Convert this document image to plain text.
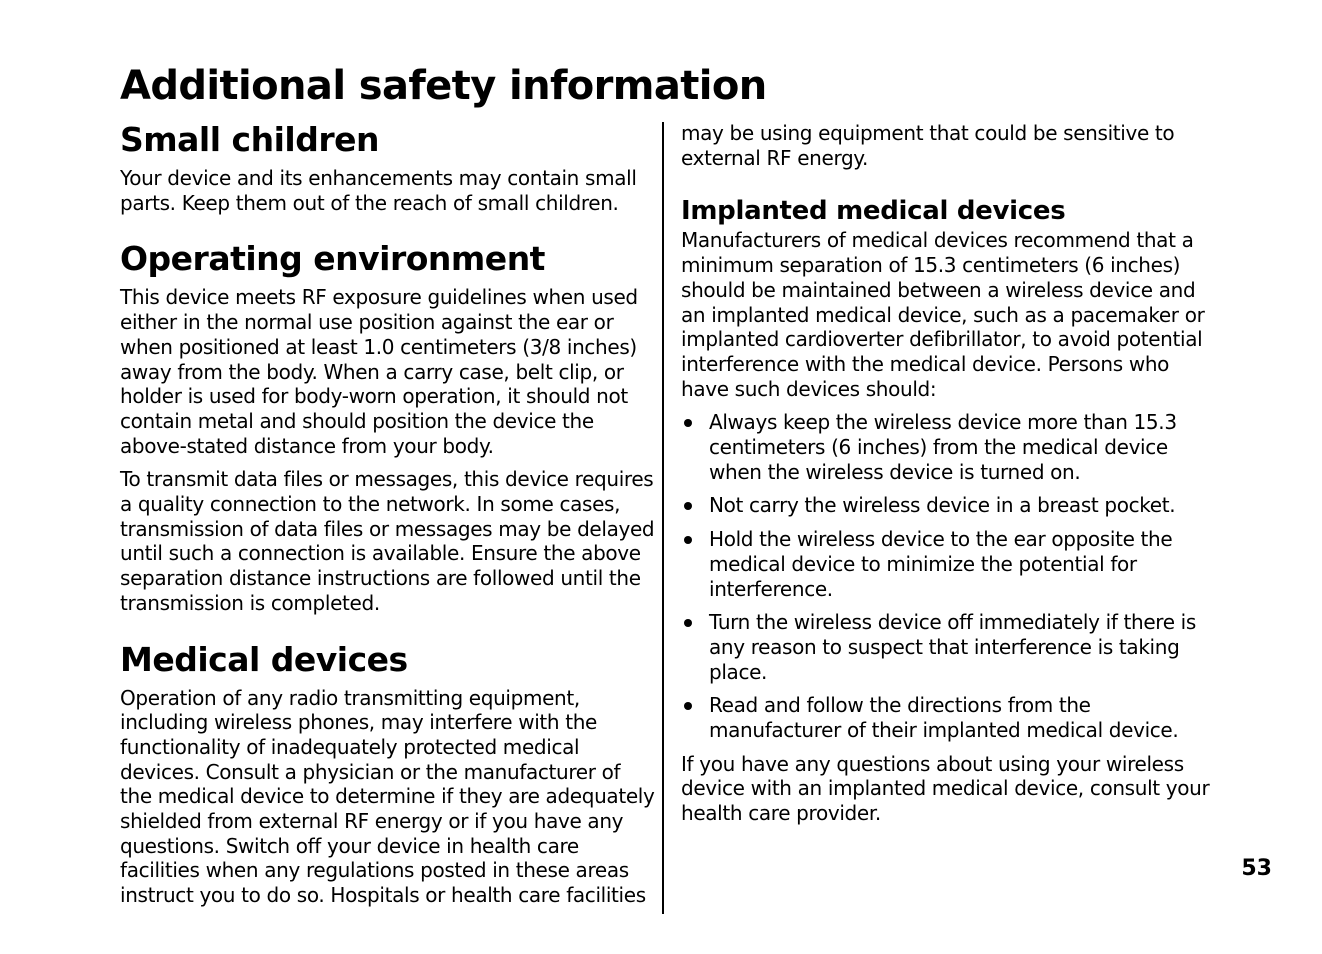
Additional safety information
Small children

Your device and its enhancements may contain small parts. Keep them out of the reach of small children.

Operating environment

This device meets RF exposure guidelines when used either in the normal use position against the ear or when positioned at least 1.0 centimeters (3/8 inches) away from the body. When a carry case, belt clip, or holder is used for body-worn operation, it should not contain metal and should position the device the above-stated distance from your body.

To transmit data files or messages, this device requires a quality connection to the network. In some cases, transmission of data files or messages may be delayed until such a connection is available. Ensure the above separation distance instructions are followed until the transmission is completed.

Medical devices

Operation of any radio transmitting equipment, including wireless phones, may interfere with the functionality of inadequately protected medical devices. Consult a physician or the manufacturer of the medical device to determine if they are adequately shielded from external RF energy or if you have any questions. Switch off your device in health care facilities when any regulations posted in these areas instruct you to do so. Hospitals or health care facilities

may be using equipment that could be sensitive to external RF energy.

Implanted medical devices

Manufacturers of medical devices recommend that a minimum separation of 15.3 centimeters (6 inches) should be maintained between a wireless device and an implanted medical device, such as a pacemaker or implanted cardioverter defibrillator, to avoid potential interference with the medical device. Persons who have such devices should:

Always keep the wireless device more than 15.3 centimeters (6 inches) from the medical device when the wireless device is turned on.
Not carry the wireless device in a breast pocket.
Hold the wireless device to the ear opposite the medical device to minimize the potential for interference.
Turn the wireless device off immediately if there is any reason to suspect that interference is taking place.
Read and follow the directions from the manufacturer of their implanted medical device.

If you have any questions about using your wireless device with an implanted medical device, consult your health care provider.

53
